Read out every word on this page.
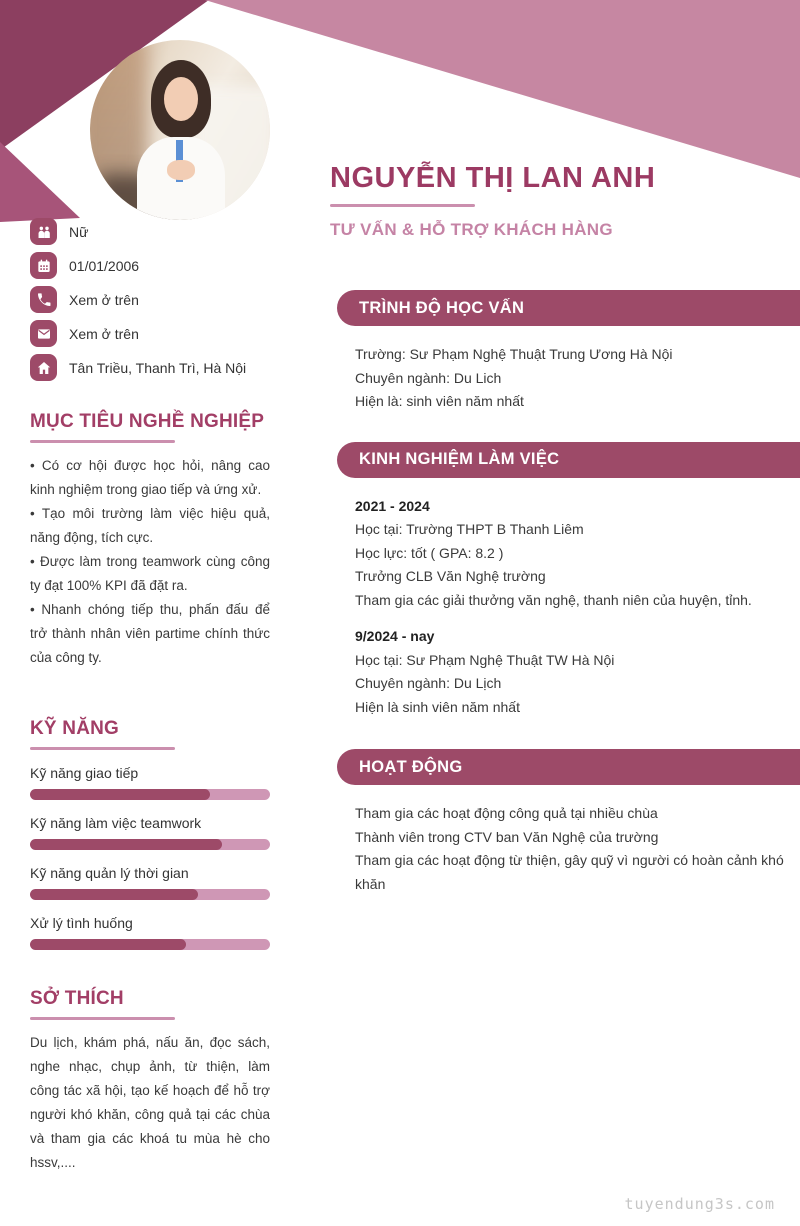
Nữ
01/01/2006
Xem ở trên
Xem ở trên
Tân Triều, Thanh Trì, Hà Nội
MỤC TIÊU NGHỀ NGHIỆP

• Có cơ hội được học hỏi, nâng cao kinh nghiệm trong giao tiếp và ứng xử.

• Tạo môi trường làm việc hiệu quả, năng động, tích cực.

• Được làm trong teamwork cùng công ty đạt 100% KPI đã đặt ra.

• Nhanh chóng tiếp thu, phấn đấu để trở thành nhân viên partime chính thức của công ty.

KỸ NĂNG
Kỹ năng giao tiếp
Kỹ năng làm việc teamwork
Kỹ năng quản lý thời gian
Xử lý tình huống
SỞ THÍCH

Du lịch, khám phá, nấu ăn, đọc sách, nghe nhạc, chụp ảnh, từ thiện, làm công tác xã hội, tạo kế hoạch để hỗ trợ người khó khăn, công quả tại các chùa và tham gia các khoá tu mùa hè cho hssv,....

NGUYỄN THỊ LAN ANH
TƯ VẤN & HỖ TRỢ KHÁCH HÀNG
TRÌNH ĐỘ HỌC VẤN

Trường: Sư Phạm Nghệ Thuật Trung Ương Hà Nội

Chuyên ngành: Du Lich

Hiện là: sinh viên năm nhất

KINH NGHIỆM LÀM VIỆC

2021 - 2024

Học tại: Trường THPT B Thanh Liêm

Học lực: tốt ( GPA: 8.2 )

Trưởng CLB Văn Nghệ trường

Tham gia các giải thưởng văn nghệ, thanh niên của huyện, tỉnh.

9/2024 - nay

Học tại: Sư Phạm Nghệ Thuật TW Hà Nội

Chuyên ngành: Du Lịch

Hiện là sinh viên năm nhất

HOẠT ĐỘNG

Tham gia các hoạt động công quả tại nhiều chùa

Thành viên trong CTV ban Văn Nghệ của trường

Tham gia các hoạt động từ thiện, gây quỹ vì người có hoàn cảnh khó khăn

tuyendung3s.com
